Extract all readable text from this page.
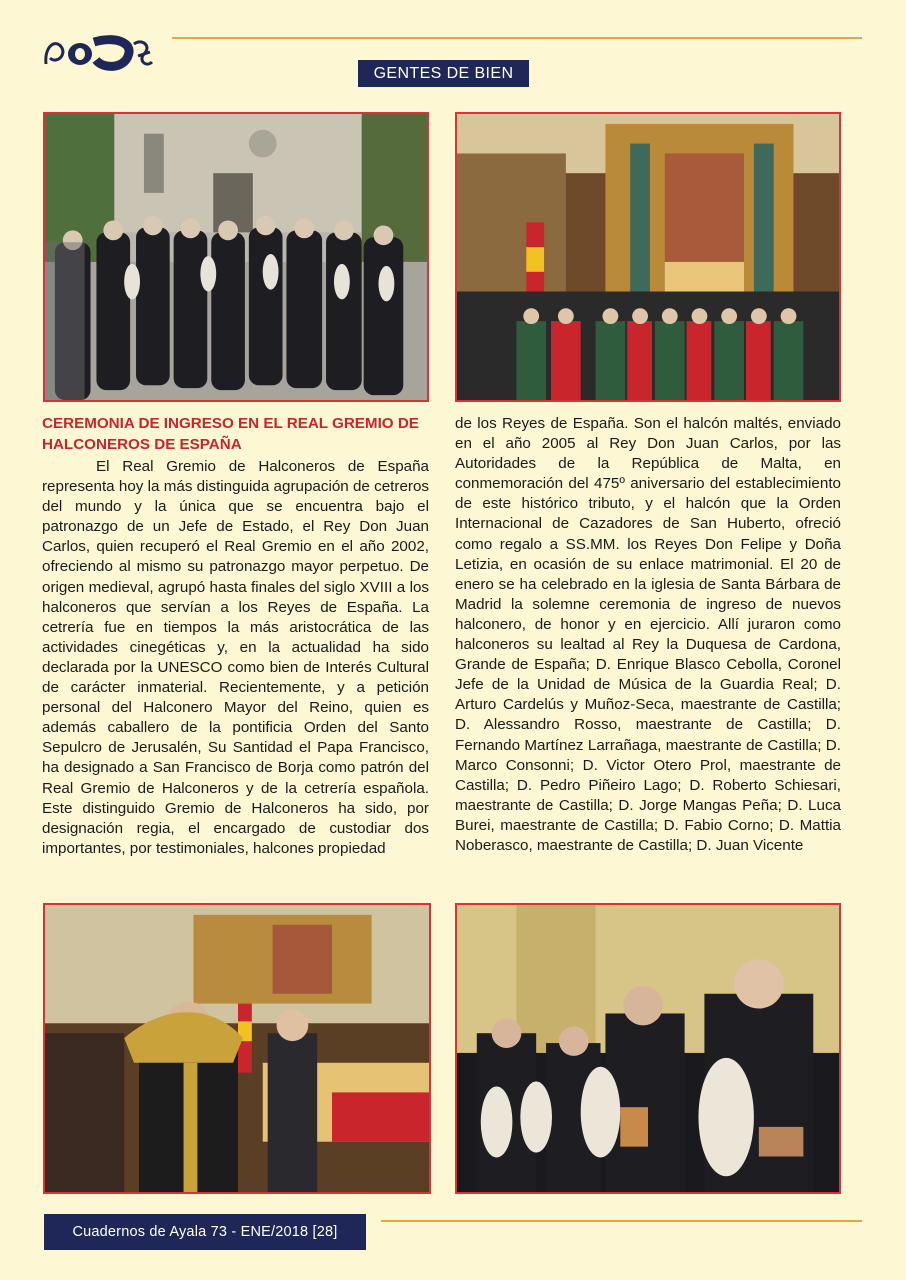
GENTES DE BIEN
CEREMONIA DE INGRESO EN EL REAL GREMIO DE HALCONEROS DE ESPAÑA

El Real Gremio de Halconeros de España representa hoy la más distinguida agrupación de cetreros del mundo y la única que se encuentra bajo el patronazgo de un Jefe de Estado, el Rey Don Juan Carlos, quien recuperó el Real Gremio en el año 2002, ofreciendo al mismo su patronazgo mayor perpetuo. De origen medieval, agrupó hasta finales del siglo XVIII a los halconeros que servían a los Reyes de España. La cetrería fue en tiempos la más aristocrática de las actividades cinegéticas y, en la actualidad ha sido declarada por la UNESCO como bien de Interés Cultural de carácter inmaterial. Recientemente, y a petición personal del Halconero Mayor del Reino, quien es además caballero de la pontificia Orden del Santo Sepulcro de Jerusalén, Su Santidad el Papa Francisco, ha designado a San Francisco de Borja como patrón del Real Gremio de Halconeros y de la cetrería española. Este distinguido Gremio de Halconeros ha sido, por designación regia, el encargado de custodiar dos importantes, por testimoniales, halcones propiedad

de los Reyes de España. Son el halcón maltés, enviado en el año 2005 al Rey Don Juan Carlos, por las Autoridades de la República de Malta, en conmemoración del 475º aniversario del establecimiento de este histórico tributo, y el halcón que la Orden Internacional de Cazadores de San Huberto, ofreció como regalo a SS.MM. los Reyes Don Felipe y Doña Letizia, en ocasión de su enlace matrimonial. El 20 de enero se ha celebrado en la iglesia de Santa Bárbara de Madrid la solemne ceremonia de ingreso de nuevos halconero, de honor y en ejercicio. Allí juraron como halconeros su lealtad al Rey la Duquesa de Cardona, Grande de España; D. Enrique Blasco Cebolla, Coronel Jefe de la Unidad de Música de la Guardia Real; D. Arturo Cardelús y Muñoz-Seca, maestrante de Castilla; D. Alessandro Rosso, maestrante de Castilla; D. Fernando Martínez Larrañaga, maestrante de Castilla; D. Marco Consonni; D. Victor Otero Prol, maestrante de Castilla; D. Pedro Piñeiro Lago; D. Roberto Schiesari, maestrante de Castilla; D. Jorge Mangas Peña; D. Luca Burei, maestrante de Castilla; D. Fabio Corno; D. Mattia Noberasco, maestrante de Castilla; D. Juan Vicente

Cuadernos de Ayala 73 - ENE/2018 [28]
